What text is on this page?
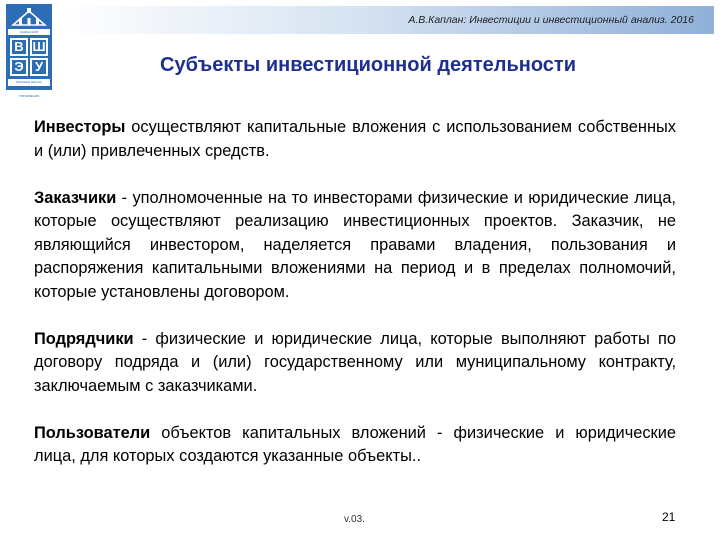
КАЗАНСКИЙ ГОСУДАРСТВЕННЫЙ
В Ш
Э У
ВЫСШАЯ ШКОЛА ЭКОНОМИКИ И УПРАВЛЕНИЯ
А.В.Каплан: Инвестиции и инвестиционный анализ. 2016
Субъекты инвестиционной деятельности

Инвесторы осуществляют капитальные вложения с использованием собственных и (или) привлеченных средств.

Заказчики - уполномоченные на то инвесторами физические и юридические лица, которые осуществляют реализацию инвестиционных проектов. Заказчик, не являющийся инвестором, наделяется правами владения, пользования и распоряжения капитальными вложениями на период и в пределах полномочий, которые установлены договором.

Подрядчики - физические и юридические лица, которые выполняют работы по договору подряда и (или) государственному или муниципальному контракту, заключаемым с заказчиками.

Пользователи объектов капитальных вложений - физические и юридические лица, для которых создаются указанные объекты..

v.03.	21
